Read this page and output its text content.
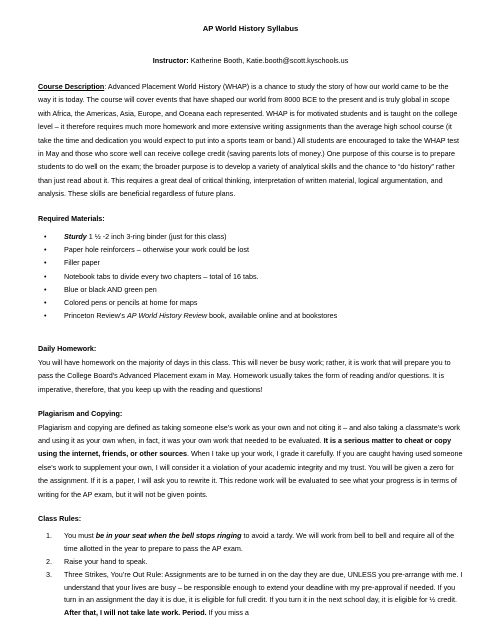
AP World History Syllabus

Instructor: Katherine Booth, Katie.booth@scott.kyschools.us

Course Description: Advanced Placement World History (WHAP) is a chance to study the story of how our world came to be the way it is today. The course will cover events that have shaped our world from 8000 BCE to the present and is truly global in scope with Africa, the Americas, Asia, Europe, and Oceana each represented. WHAP is for motivated students and is taught on the college level – it therefore requires much more homework and more extensive writing assignments than the average high school course (it take the time and dedication you would expect to put into a sports team or band.) All students are encouraged to take the WHAP test in May and those who score well can receive college credit (saving parents lots of money.) One purpose of this course is to prepare students to do well on the exam; the broader purpose is to develop a variety of analytical skills and the chance to “do history” rather than just read about it. This requires a great deal of critical thinking, interpretation of written material, logical argumentation, and analysis. These skills are beneficial regardless of future plans.

Required Materials:

• Sturdy 1 ½ -2 inch 3-ring binder (just for this class)
• Paper hole reinforcers – otherwise your work could be lost
• Filler paper
• Notebook tabs to divide every two chapters – total of 16 tabs.
• Blue or black AND green pen
• Colored pens or pencils at home for maps
• Princeton Review’s AP World History Review book, available online and at bookstores

Daily Homework:

You will have homework on the majority of days in this class. This will never be busy work; rather, it is work that will prepare you to pass the College Board’s Advanced Placement exam in May. Homework usually takes the form of reading and/or questions. It is imperative, therefore, that you keep up with the reading and questions!

Plagiarism and Copying:

Plagiarism and copying are defined as taking someone else’s work as your own and not citing it – and also taking a classmate’s work and using it as your own when, in fact, it was your own work that needed to be evaluated. It is a serious matter to cheat or copy using the internet, friends, or other sources. When I take up your work, I grade it carefully. If you are caught having used someone else’s work to supplement your own, I will consider it a violation of your academic integrity and my trust. You will be given a zero for the assignment. If it is a paper, I will ask you to rewrite it. This redone work will be evaluated to see what your progress is in terms of writing for the AP exam, but it will not be given points.

Class Rules:

1. You must be in your seat when the bell stops ringing to avoid a tardy. We will work from bell to bell and require all of the time allotted in the year to prepare to pass the AP exam.
2. Raise your hand to speak.
3. Three Strikes, You’re Out Rule: Assignments are to be turned in on the day they are due, UNLESS you pre-arrange with me. I understand that your lives are busy – be responsible enough to extend your deadline with my pre-approval if needed. If you turn in an assignment the day it is due, it is eligible for full credit. If you turn it in the next school day, it is eligible for ½ credit. After that, I will not take late work. Period. If you miss a
